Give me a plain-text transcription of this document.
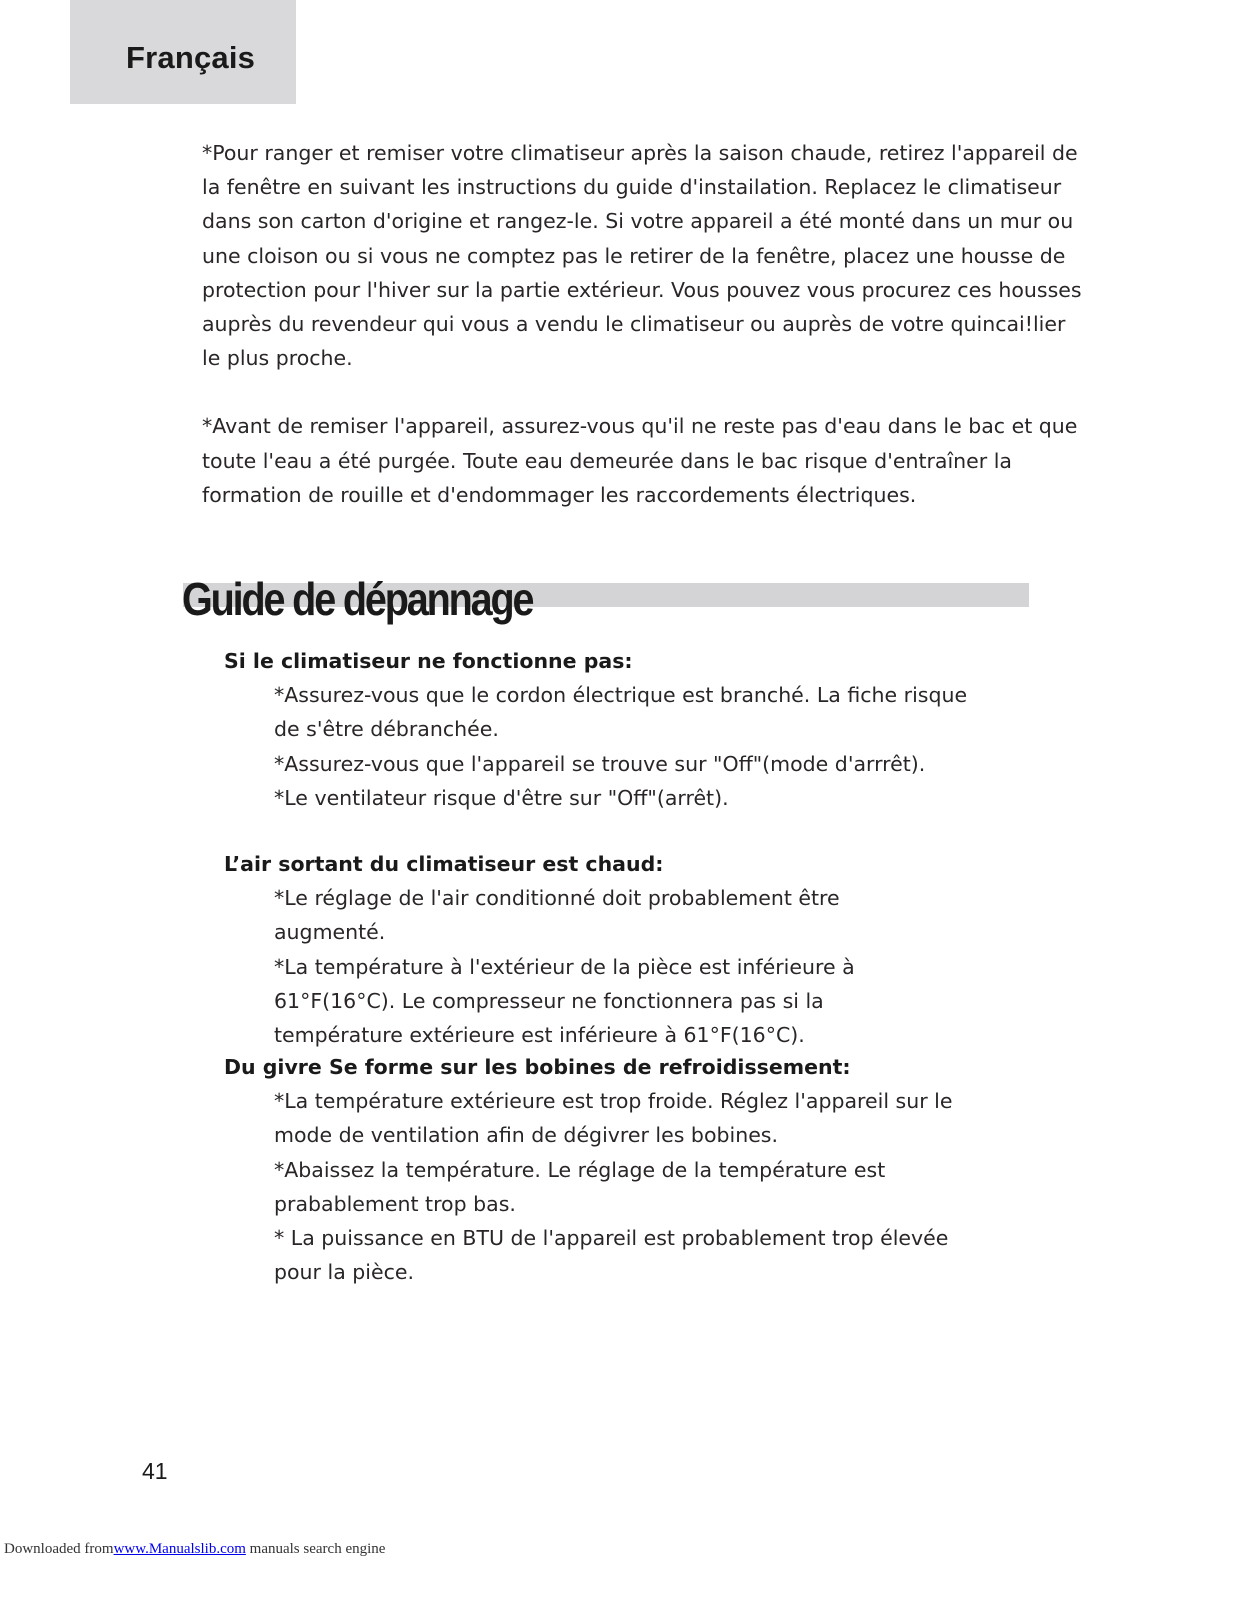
Français

*Pour ranger et remiser votre climatiseur après la saison chaude, retirez l'appareil de la fenêtre en suivant les instructions du guide d'instailation. Replacez le climatiseur dans son carton d'origine et rangez-le. Si votre appareil a été monté dans un mur ou une cloison ou si vous ne comptez pas le retirer de la fenêtre, placez une housse de protection pour l'hiver sur la partie extérieur. Vous pouvez vous procurez ces housses auprès du revendeur qui vous a vendu le climatiseur ou auprès de votre quincai!lier le plus proche.

*Avant de remiser l'appareil, assurez-vous qu'il ne reste pas d'eau dans le bac et que toute l'eau a été purgée. Toute eau demeurée dans le bac risque d'entraîner la formation de rouille et d'endommager les raccordements électriques.

Guide de dépannage

Si le climatiseur ne fonctionne pas:

*Assurez-vous que le cordon électrique est branché. La fiche risque de s'être débranchée.
*Assurez-vous que l'appareil se trouve sur "Off"(mode d'arrrêt).
*Le ventilateur risque d'être sur "Off"(arrêt).

L’air sortant du climatiseur est chaud:

*Le réglage de l'air conditionné doit probablement être augmenté.
*La température à l'extérieur de la pièce est inférieure à 61°F(16°C). Le compresseur ne fonctionnera pas si la température extérieure est inférieure à 61°F(16°C).

Du givre Se forme sur les bobines de refroidissement:

*La température extérieure est trop froide. Réglez l'appareil sur le mode de ventilation afin de dégivrer les bobines.
*Abaissez la température. Le réglage de la température est prabablement trop bas.
* La puissance en BTU de l'appareil est probablement trop élevée pour la pièce.
41
Downloaded fromwww.Manualslib.com manuals search engine
